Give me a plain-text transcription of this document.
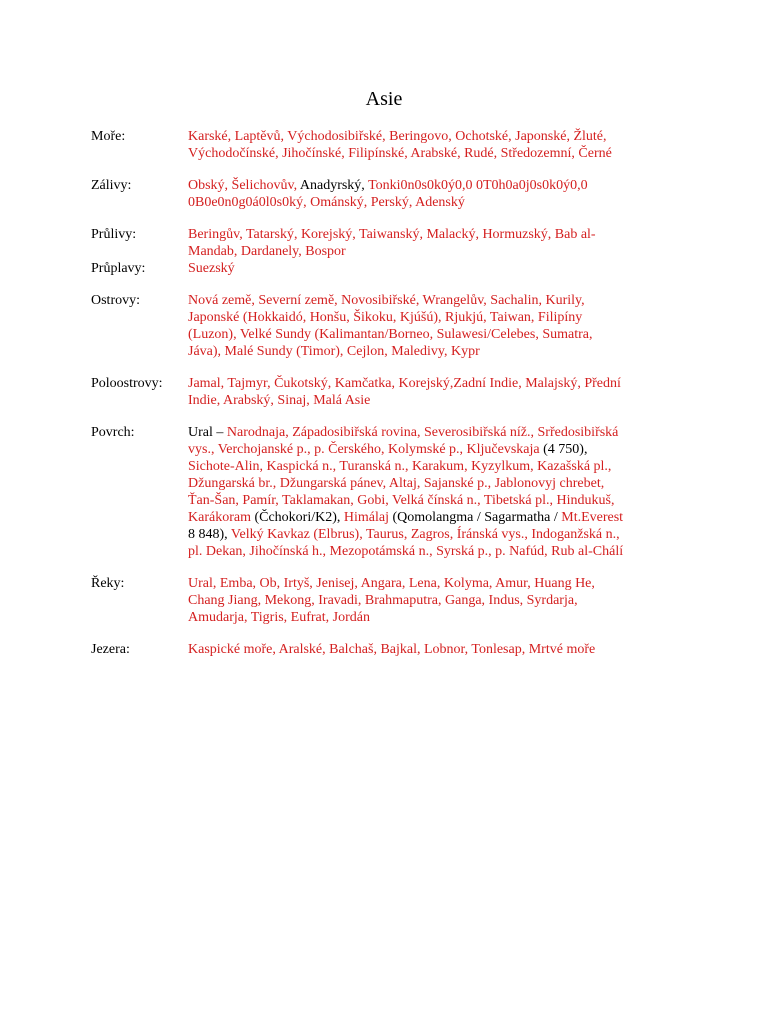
Asie
Moře:	Karské, Laptěvů, Východosibiřské, Beringovo, Ochotské, Japonské, Žluté,
Východočínské, Jihočínské, Filipínské, Arabské, Rudé, Středozemní, Černé
Zálivy:	Obský, Šelichovův, Anadyrský, Tonki0n0s0k0ý0,0 0T0h0a0j0s0k0ý0,0
0B0e0n0g0á0l0s0ký, Ománský, Perský, Adenský
Průlivy:	Beringův, Tatarský, Korejský, Taiwanský, Malacký, Hormuzský, Bab al-
Mandab, Dardanely, Bospor
Průplavy:	Suezský
Ostrovy:	Nová země, Severní země, Novosibiřské, Wrangelův, Sachalin, Kurily,
Japonské (Hokkaidó, Honšu, Šikoku, Kjúšú), Rjukjú, Taiwan, Filipíny
(Luzon), Velké Sundy (Kalimantan/Borneo, Sulawesi/Celebes, Sumatra,
Jáva), Malé Sundy (Timor), Cejlon, Maledivy, Kypr
Poloostrovy:	Jamal, Tajmyr, Čukotský, Kamčatka, Korejský,Zadní Indie, Malajský, Přední
Indie, Arabský, Sinaj, Malá Asie
Povrch:	Ural – Narodnaja, Západosibiřská rovina, Severosibiřská níž., Srředosibiřská
vys., Verchojanské p., p. Čerského, Kolymské p., Ključevskaja (4 750),
Sichote-Alin, Kaspická n., Turanská n., Karakum, Kyzylkum, Kazašská pl.,
Džungarská br., Džungarská pánev, Altaj, Sajanské p., Jablonovyj chrebet,
Ťan-Šan, Pamír, Taklamakan, Gobi, Velká čínská n., Tibetská pl., Hindukuš,
Karákoram (Čchokori/K2), Himálaj (Qomolangma / Sagarmatha / Mt.Everest
8 848), Velký Kavkaz (Elbrus), Taurus, Zagros, Íránská vys., Indoganžská n.,
pl. Dekan, Jihočínská h., Mezopotámská n., Syrská p., p. Nafúd, Rub al-Chálí
Řeky:	Ural, Emba, Ob, Irtyš, Jenisej, Angara, Lena, Kolyma, Amur, Huang He,
Chang Jiang, Mekong, Iravadi, Brahmaputra, Ganga, Indus, Syrdarja,
Amudarja, Tigris, Eufrat, Jordán
Jezera:	Kaspické moře, Aralské, Balchaš, Bajkal, Lobnor, Tonlesap, Mrtvé moře
